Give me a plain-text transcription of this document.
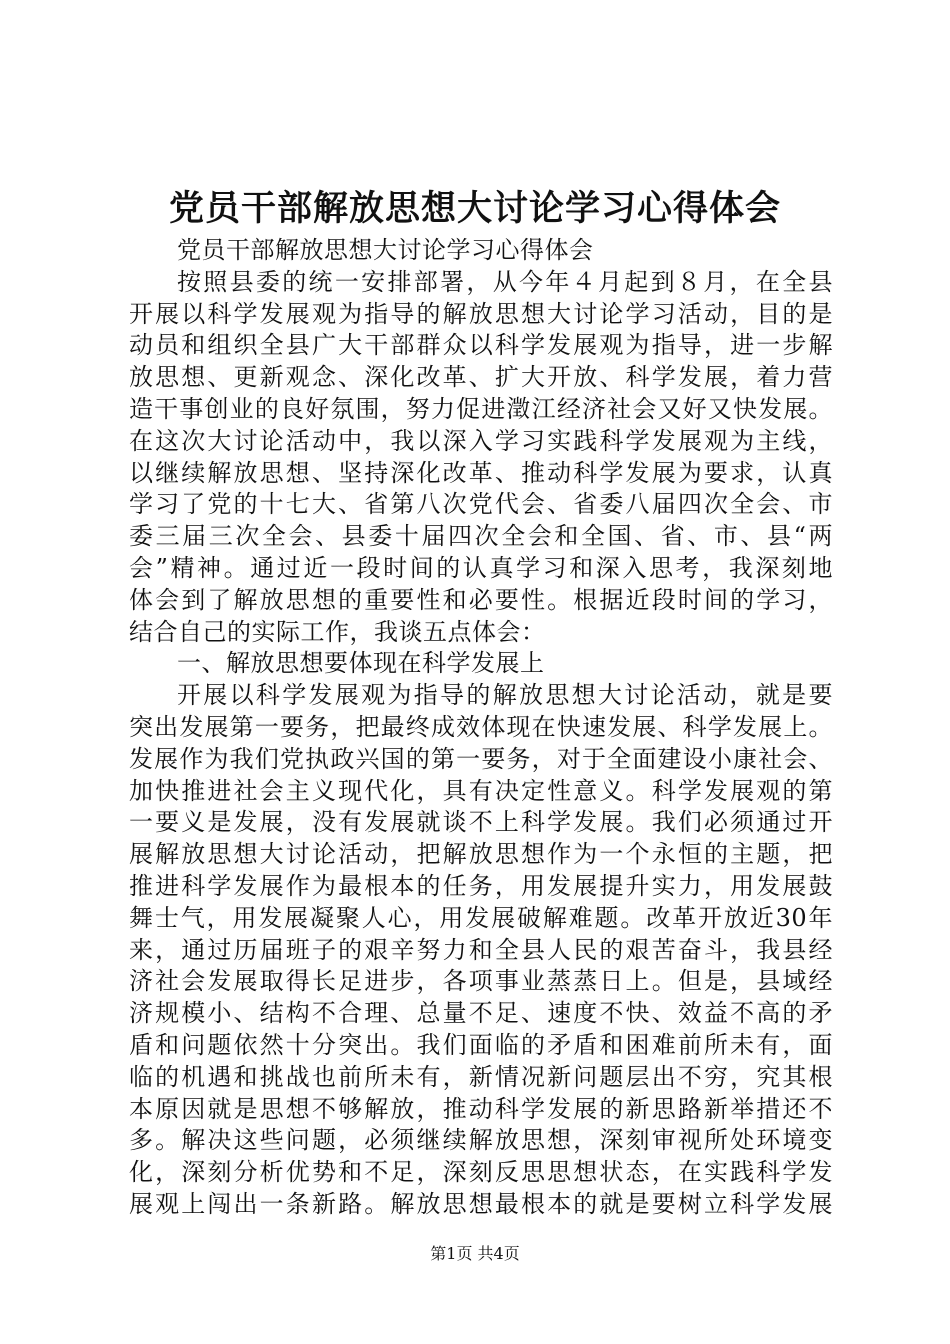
党员干部解放思想大讨论学习心得体会
党员干部解放思想大讨论学习心得体会
按照县委的统一安排部署，从今年４月起到８月，在全县
开展以科学发展观为指导的解放思想大讨论学习活动，目的是
动员和组织全县广大干部群众以科学发展观为指导，进一步解
放思想、更新观念、深化改革、扩大开放、科学发展，着力营
造干事创业的良好氛围，努力促进澂江经济社会又好又快发展。
在这次大讨论活动中，我以深入学习实践科学发展观为主线，
以继续解放思想、坚持深化改革、推动科学发展为要求，认真
学习了党的十七大、省第八次党代会、省委八届四次全会、市
委三届三次全会、县委十届四次全会和全国、省、市、县“两
会”精神。通过近一段时间的认真学习和深入思考，我深刻地
体会到了解放思想的重要性和必要性。根据近段时间的学习，
结合自己的实际工作，我谈五点体会：
一、解放思想要体现在科学发展上
开展以科学发展观为指导的解放思想大讨论活动，就是要
突出发展第一要务，把最终成效体现在快速发展、科学发展上。
发展作为我们党执政兴国的第一要务，对于全面建设小康社会、
加快推进社会主义现代化，具有决定性意义。科学发展观的第
一要义是发展，没有发展就谈不上科学发展。我们必须通过开
展解放思想大讨论活动，把解放思想作为一个永恒的主题，把
推进科学发展作为最根本的任务，用发展提升实力，用发展鼓
舞士气，用发展凝聚人心，用发展破解难题。改革开放近30年
来，通过历届班子的艰辛努力和全县人民的艰苦奋斗，我县经
济社会发展取得长足进步，各项事业蒸蒸日上。但是，县域经
济规模小、结构不合理、总量不足、速度不快、效益不高的矛
盾和问题依然十分突出。我们面临的矛盾和困难前所未有，面
临的机遇和挑战也前所未有，新情况新问题层出不穷，究其根
本原因就是思想不够解放，推动科学发展的新思路新举措还不
多。解决这些问题，必须继续解放思想，深刻审视所处环境变
化，深刻分析优势和不足，深刻反思思想状态，在实践科学发
展观上闯出一条新路。解放思想最根本的就是要树立科学发展
第1页 共4页
